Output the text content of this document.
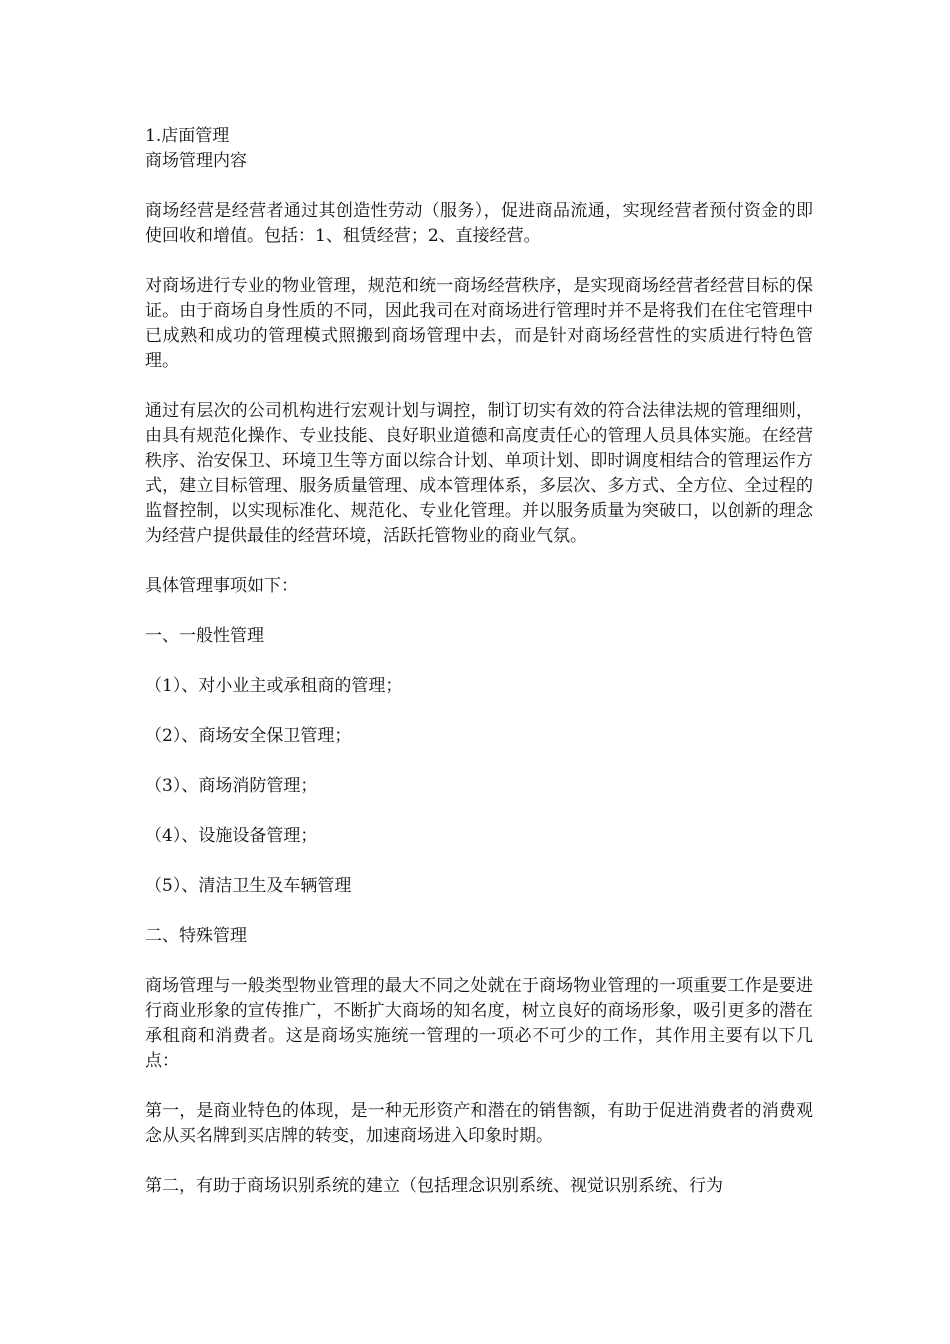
1.店面管理

商场管理内容

商场经营是经营者通过其创造性劳动（服务），促进商品流通，实现经营者预付资金的即使回收和增值。包括：1、租赁经营；2、直接经营。

对商场进行专业的物业管理，规范和统一商场经营秩序，是实现商场经营者经营目标的保证。由于商场自身性质的不同，因此我司在对商场进行管理时并不是将我们在住宅管理中已成熟和成功的管理模式照搬到商场管理中去，而是针对商场经营性的实质进行特色管理。

通过有层次的公司机构进行宏观计划与调控，制订切实有效的符合法律法规的管理细则，由具有规范化操作、专业技能、良好职业道德和高度责任心的管理人员具体实施。在经营秩序、治安保卫、环境卫生等方面以综合计划、单项计划、即时调度相结合的管理运作方式，建立目标管理、服务质量管理、成本管理体系，多层次、多方式、全方位、全过程的监督控制，以实现标准化、规范化、专业化管理。并以服务质量为突破口，以创新的理念为经营户提供最佳的经营环境，活跃托管物业的商业气氛。

具体管理事项如下：

一、一般性管理

（1）、对小业主或承租商的管理；

（2）、商场安全保卫管理；

（3）、商场消防管理；

（4）、设施设备管理；

（5）、清洁卫生及车辆管理

二、特殊管理

商场管理与一般类型物业管理的最大不同之处就在于商场物业管理的一项重要工作是要进行商业形象的宣传推广，不断扩大商场的知名度，树立良好的商场形象，吸引更多的潜在承租商和消费者。这是商场实施统一管理的一项必不可少的工作，其作用主要有以下几点：

第一，是商业特色的体现，是一种无形资产和潜在的销售额，有助于促进消费者的消费观念从买名牌到买店牌的转变，加速商场进入印象时期。

第二，有助于商场识别系统的建立（包括理念识别系统、视觉识别系统、行为
